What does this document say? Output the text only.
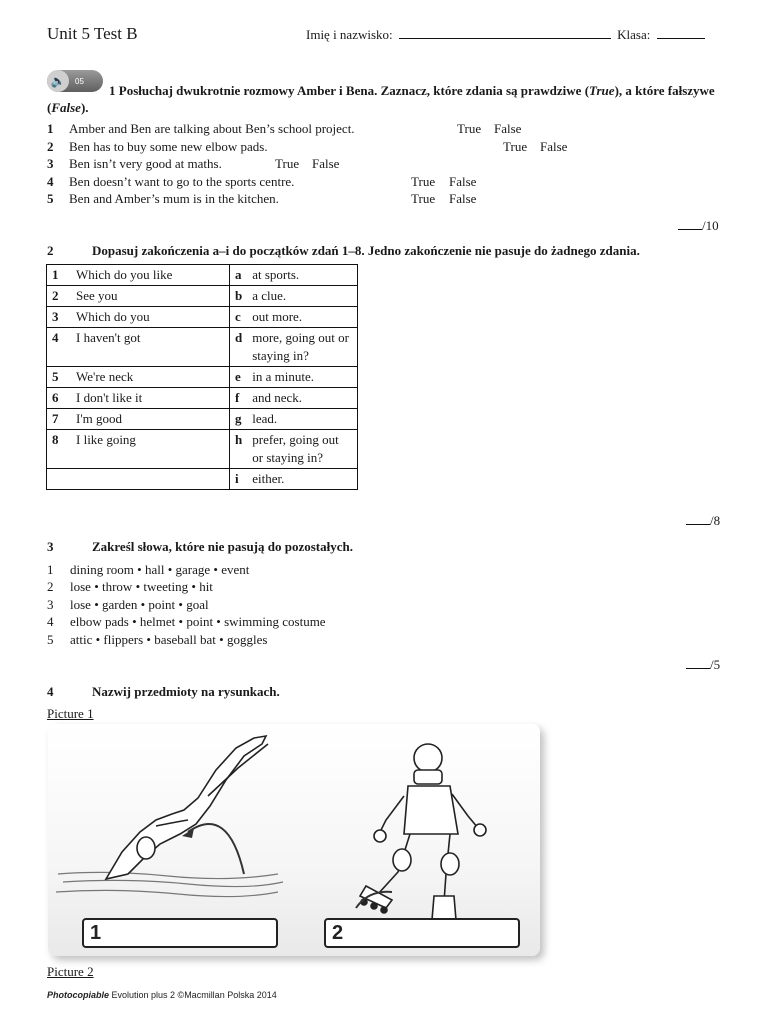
Unit 5 Test B	Imię i nazwisko:	Klasa:
🔈	05
1 Posłuchaj dwukrotnie rozmowy Amber i Bena. Zaznacz, które zdania są prawdziwe (True), a które fałszywe (False).
1 Amber and Ben are talking about Ben’s school project.	True False
2 Ben has to buy some new elbow pads.	True False
3 Ben isn’t very good at maths.	True False
4 Ben doesn’t want to go to the sports centre.	True False
5 Ben and Amber’s mum is in the kitchen.	True False
/10
2	Dopasuj zakończenia a–i do początków zdań 1–8. Jedno zakończenie nie pasuje do żadnego zdania.
1	Which do you like	a	at sports.
2	See you	b	a clue.
3	Which do you	c	out more.
4	I haven't got	d	more, going out or staying in?
5	We're neck	e	in a minute.
6	I don't like it	f	and neck.
7	I'm good	g	lead.
8	I like going	h	prefer, going out or staying in?
		i	either.
/8
3	Zakreśl słowa, które nie pasują do pozostałych.
1 dining room • hall • garage • event
2 lose • throw • tweeting • hit
3 lose • garden • point • goal
4 elbow pads • helmet • point • swimming costume
5 attic • flippers • baseball bat • goggles
/5
4	Nazwij przedmioty na rysunkach.
Picture 1
1	2
Picture 2
Photocopiable Evolution plus 2 ©Macmillan Polska 2014
